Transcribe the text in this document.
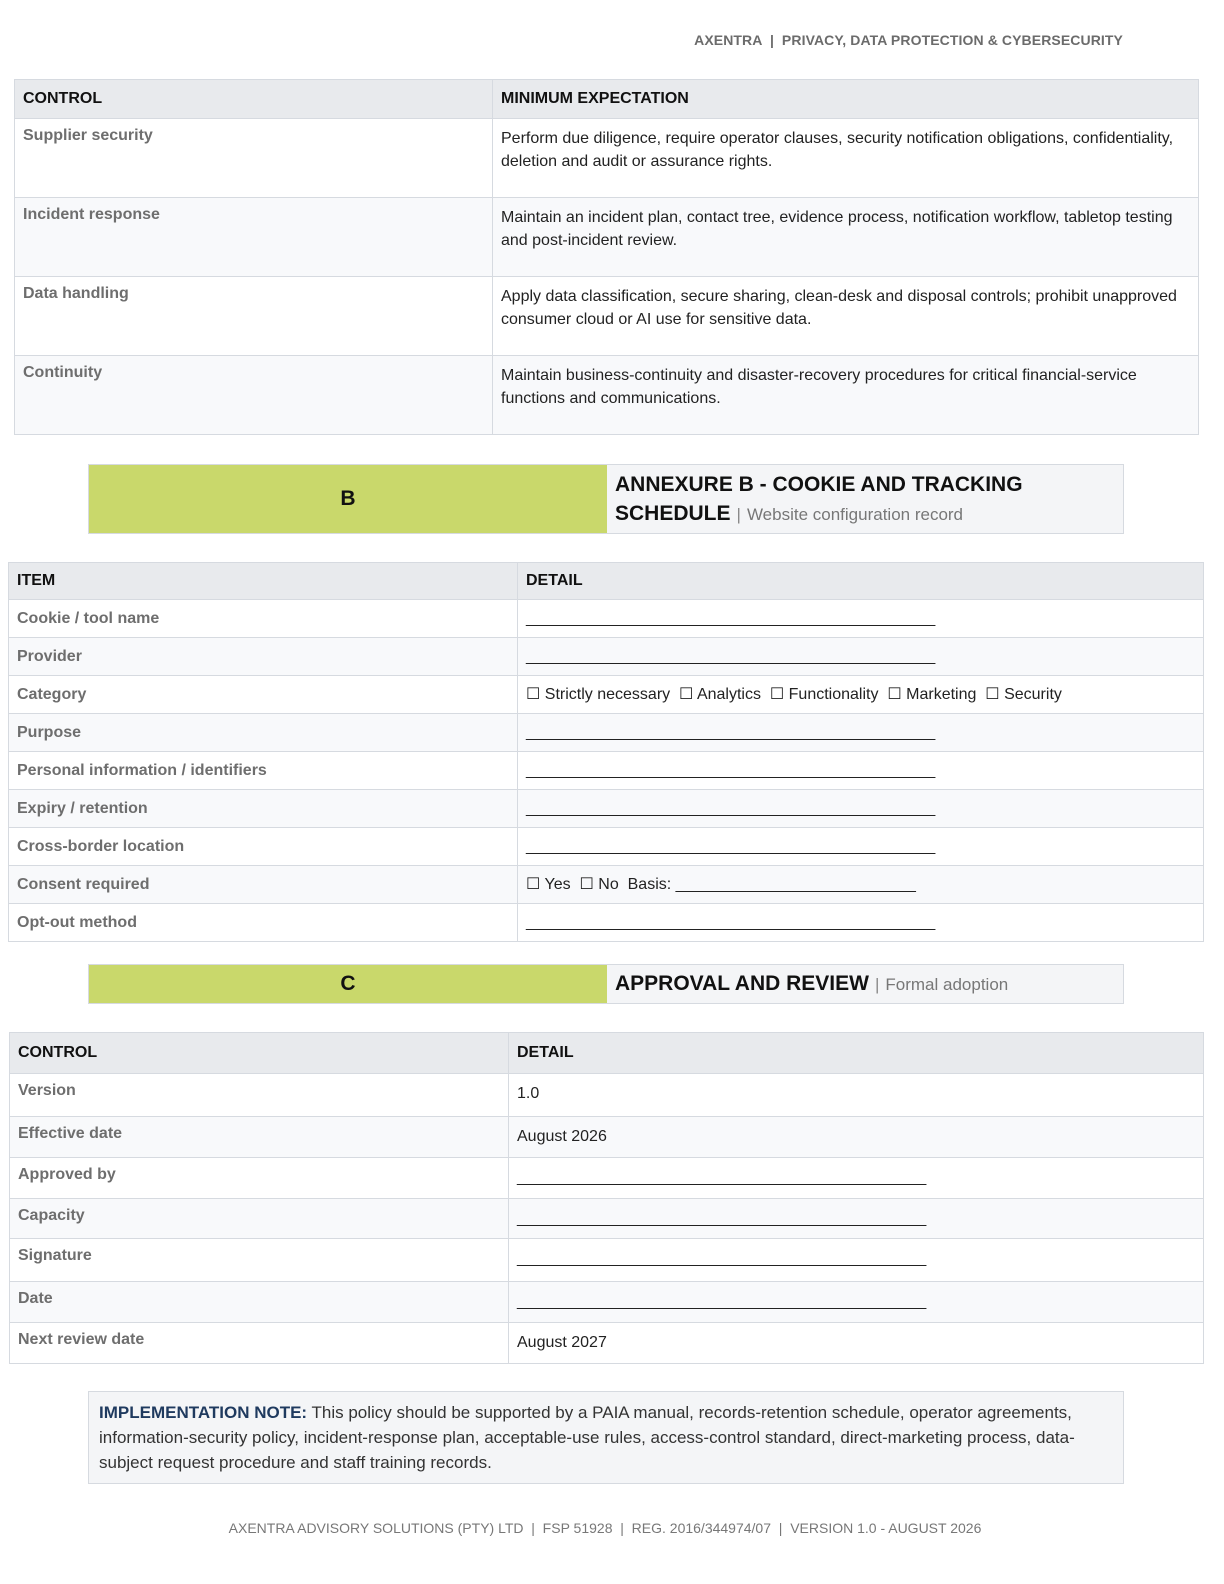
AXENTRA  |  PRIVACY, DATA PROTECTION & CYBERSECURITY
CONTROL	MINIMUM EXPECTATION
Supplier security	Perform due diligence, require operator clauses, security notification obligations, confidentiality, deletion and audit or assurance rights.
Incident response	Maintain an incident plan, contact tree, evidence process, notification workflow, tabletop testing and post-incident review.
Data handling	Apply data classification, secure sharing, clean-desk and disposal controls; prohibit unapproved consumer cloud or AI use for sensitive data.
Continuity	Maintain business-continuity and disaster-recovery procedures for critical financial-service functions and communications.
B
ANNEXURE B - COOKIE AND TRACKING SCHEDULE | Website configuration record
ITEM	DETAIL
Cookie / tool name	______________________________________________
Provider	______________________________________________
Category	☐ Strictly necessary  ☐ Analytics  ☐ Functionality  ☐ Marketing  ☐ Security
Purpose	______________________________________________
Personal information / identifiers	______________________________________________
Expiry / retention	______________________________________________
Cross-border location	______________________________________________
Consent required	☐ Yes  ☐ No  Basis: ___________________________
Opt-out method	______________________________________________
C	APPROVAL AND REVIEW | Formal adoption
CONTROL	DETAIL
Version	1.0
Effective date	August 2026
Approved by	______________________________________________
Capacity	______________________________________________
Signature	______________________________________________
Date	______________________________________________
Next review date	August 2027
IMPLEMENTATION NOTE: This policy should be supported by a PAIA manual, records-retention schedule, operator agreements, information-security policy, incident-response plan, acceptable-use rules, access-control standard, direct-marketing process, data-subject request procedure and staff training records.
AXENTRA ADVISORY SOLUTIONS (PTY) LTD  |  FSP 51928  |  REG. 2016/344974/07  |  VERSION 1.0 - AUGUST 2026
